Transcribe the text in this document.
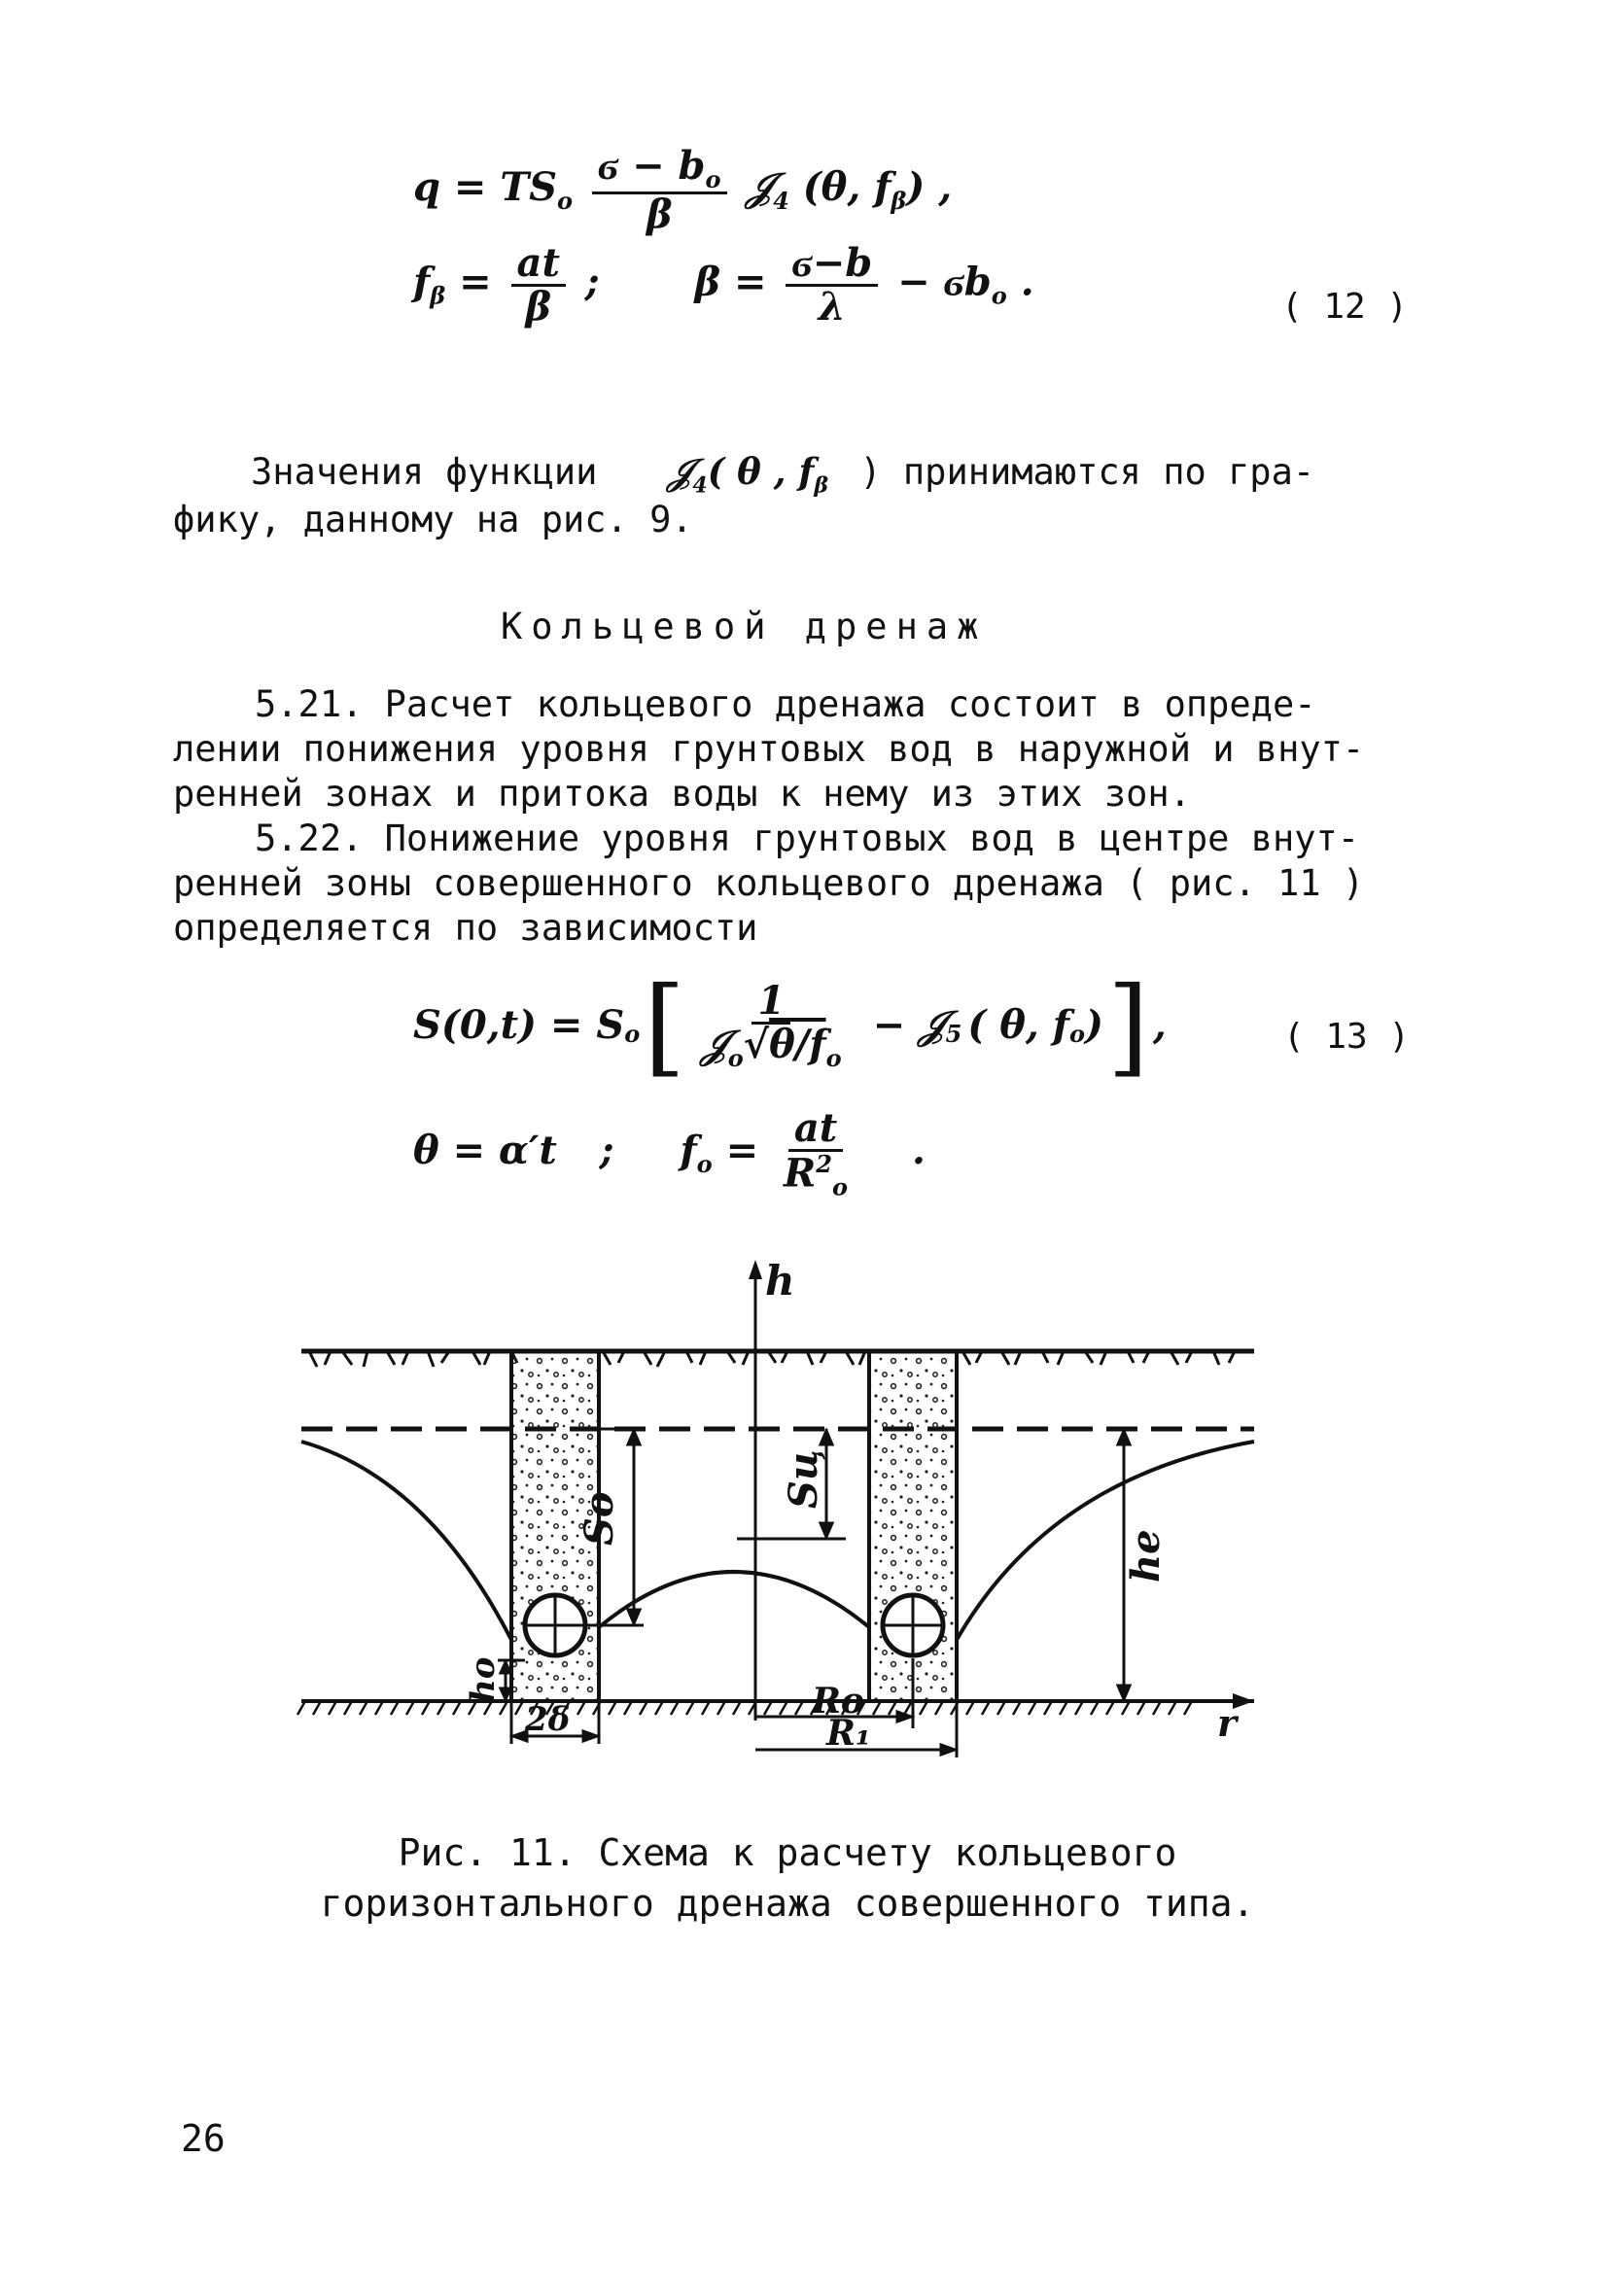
$q = TS_o \frac{ϭ - b_o}{\beta}$ 𝒥$_4$ (θ, $f_\beta$) ,
$f_\beta = \frac{at}{\beta}$ ; $\beta = \frac{ϭ-b}{\lambda} - ϭb_o$ .
( 12 )
Значения функции 𝒥$_4$( θ , $f_\beta$ ) принимаются по гра-
фику, данному на рис. 9.
Кольцевой дренаж
5.21. Расчет кольцевого дренажа состоит в опреде-
лении понижения уровня грунтовых вод в наружной и внут-
ренней зонах и притока воды к нему из этих зон.
5.22. Понижение уровня грунтовых вод в центре внут-
ренней зоны совершенного кольцевого дренажа ( рис. 11 )
определяется по зависимости
$S(0,t) = S_o$ [ $\frac{1}{𝒥_o√\theta/f_o}$ − 𝒥$_5$ ( θ, $f_o$ ) ] ,	( 13 )
θ = α′t ; $f_o = \frac{at}{R^2_o}$ .
h
So
Sц
he
ho
2δ	Ro
R₁	r
Рис. 11. Схема к расчету кольцевого
горизонтального дренажа совершенного типа.
26
